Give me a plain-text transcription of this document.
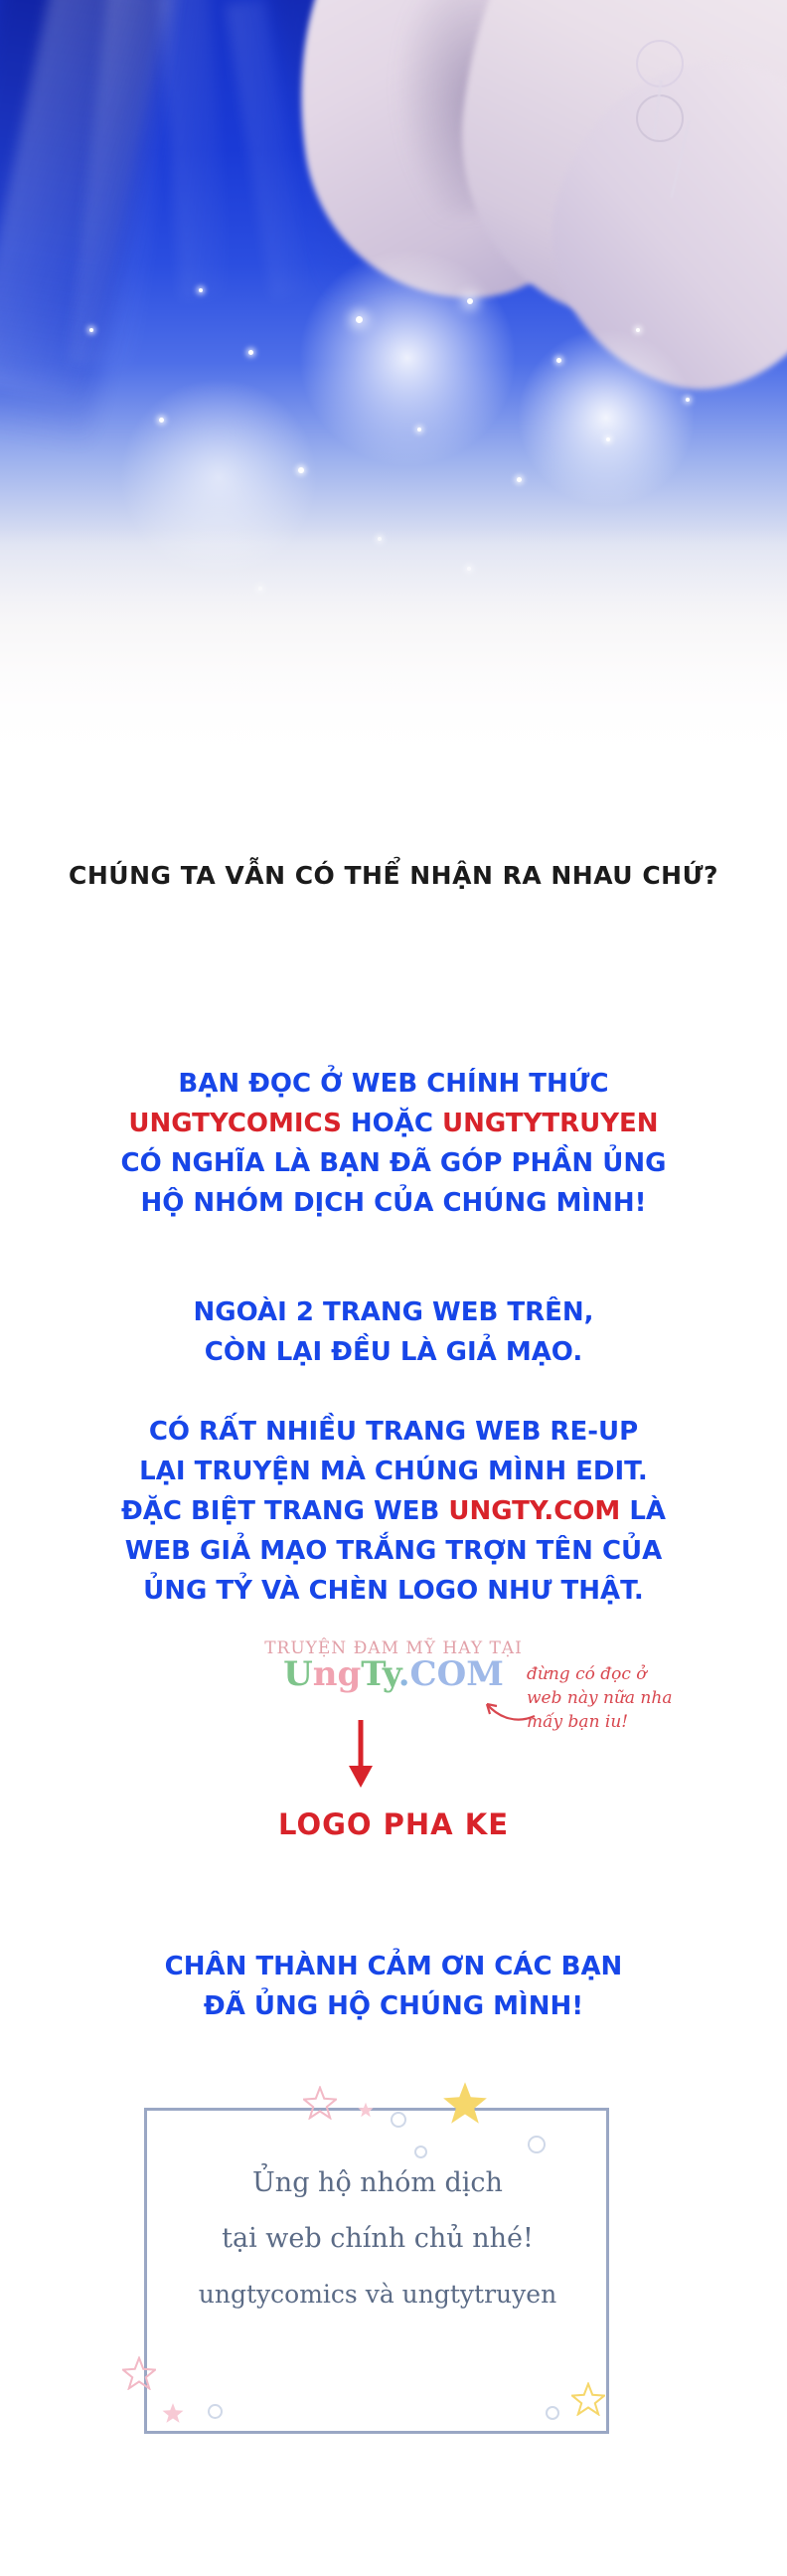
CHÚNG TA VẪN CÓ THỂ NHẬN RA NHAU CHỨ?
BẠN ĐỌC Ở WEB CHÍNH THỨC
UNGTYCOMICS HOẶC UNGTYTRUYEN
CÓ NGHĨA LÀ BẠN ĐÃ GÓP PHẦN ỦNG
HỘ NHÓM DỊCH CỦA CHÚNG MÌNH!
NGOÀI 2 TRANG WEB TRÊN,
CÒN LẠI ĐỀU LÀ GIẢ MẠO.
CÓ RẤT NHIỀU TRANG WEB RE-UP
LẠI TRUYỆN MÀ CHÚNG MÌNH EDIT.
ĐẶC BIỆT TRANG WEB UNGTY.COM LÀ
WEB GIẢ MẠO TRẮNG TRỢN TÊN CỦA
ỦNG TỶ VÀ CHÈN LOGO NHƯ THẬT.
TRUYỆN ĐAM MỸ HAY TẠI
UngTy.COM	đừng có đọc ở
web này nữa nha
mấy bạn iu!
LOGO PHA KE
CHÂN THÀNH CẢM ƠN CÁC BẠN
ĐÃ ỦNG HỘ CHÚNG MÌNH!
Ủng hộ nhóm dịch
tại web chính chủ nhé!
ungtycomics và ungtytruyen
